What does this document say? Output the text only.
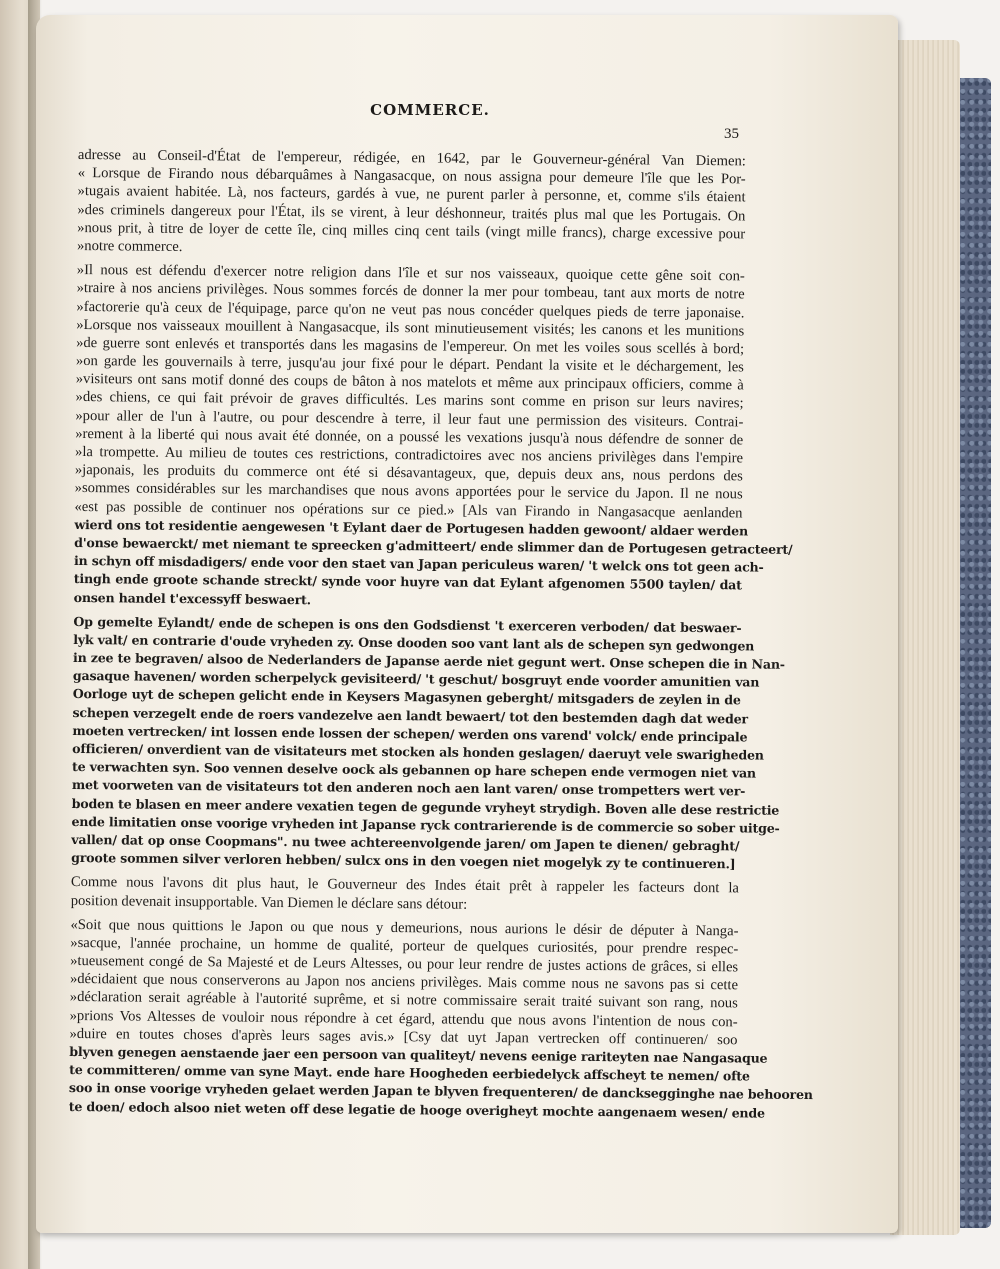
COMMERCE.
35
adresse au Conseil-d'État de l'empereur, rédigée, en 1642, par le Gouverneur-général Van Diemen:
« Lorsque de Firando nous débarquâmes à Nangasacque, on nous assigna pour demeure l'île que les Por-
»tugais avaient habitée. Là, nos facteurs, gardés à vue, ne purent parler à personne, et, comme s'ils étaient
»des criminels dangereux pour l'État, ils se virent, à leur déshonneur, traités plus mal que les Portugais. On
»nous prit, à titre de loyer de cette île, cinq milles cinq cent tails (vingt mille francs), charge excessive pour
»notre commerce.
»Il nous est défendu d'exercer notre religion dans l'île et sur nos vaisseaux, quoique cette gêne soit con-
»traire à nos anciens privilèges. Nous sommes forcés de donner la mer pour tombeau, tant aux morts de notre
»factorerie qu'à ceux de l'équipage, parce qu'on ne veut pas nous concéder quelques pieds de terre japonaise.
»Lorsque nos vaisseaux mouillent à Nangasacque, ils sont minutieusement visités; les canons et les munitions
»de guerre sont enlevés et transportés dans les magasins de l'empereur. On met les voiles sous scellés à bord;
»on garde les gouvernails à terre, jusqu'au jour fixé pour le départ. Pendant la visite et le déchargement, les
»visiteurs ont sans motif donné des coups de bâton à nos matelots et même aux principaux officiers, comme à
»des chiens, ce qui fait prévoir de graves difficultés. Les marins sont comme en prison sur leurs navires;
»pour aller de l'un à l'autre, ou pour descendre à terre, il leur faut une permission des visiteurs. Contrai-
»rement à la liberté qui nous avait été donnée, on a poussé les vexations jusqu'à nous défendre de sonner de
»la trompette. Au milieu de toutes ces restrictions, contradictoires avec nos anciens privilèges dans l'empire
»japonais, les produits du commerce ont été si désavantageux, que, depuis deux ans, nous perdons des
»sommes considérables sur les marchandises que nous avons apportées pour le service du Japon. Il ne nous
«est pas possible de continuer nos opérations sur ce pied.» [Als van Firando in Nangasacque aenlanden
wierd ons tot residentie aengewesen 't Eylant daer de Portugesen hadden gewoont/ aldaer werden
d'onse bewaerckt/ met niemant te spreecken g'admitteert/ ende slimmer dan de Portugesen getracteert/
in schyn off misdadigers/ ende voor den staet van Japan periculeus waren/ 't welck ons tot geen ach-
tingh ende groote schande streckt/ synde voor huyre van dat Eylant afgenomen 5500 taylen/ dat
onsen handel t'excessyff beswaert.
Op gemelte Eylandt/ ende de schepen is ons den Godsdienst 't exerceren verboden/ dat beswaer-
lyk valt/ en contrarie d'oude vryheden zy. Onse dooden soo vant lant als de schepen syn gedwongen
in zee te begraven/ alsoo de Nederlanders de Japanse aerde niet gegunt wert. Onse schepen die in Nan-
gasaque havenen/ worden scherpelyck gevisiteerd/ 't geschut/ bosgruyt ende voorder amunitien van
Oorloge uyt de schepen gelicht ende in Keysers Magasynen geberght/ mitsgaders de zeylen in de
schepen verzegelt ende de roers vandezelve aen landt bewaert/ tot den bestemden dagh dat weder
moeten vertrecken/ int lossen ende lossen der schepen/ werden ons varend' volck/ ende principale
officieren/ onverdient van de visitateurs met stocken als honden geslagen/ daeruyt vele swarigheden
te verwachten syn. Soo vennen deselve oock als gebannen op hare schepen ende vermogen niet van
met voorweten van de visitateurs tot den anderen noch aen lant varen/ onse trompetters wert ver-
boden te blasen en meer andere vexatien tegen de gegunde vryheyt strydigh. Boven alle dese restrictie
ende limitatien onse voorige vryheden int Japanse ryck contrarierende is de commercie so sober uitge-
vallen/ dat op onse Coopmans". nu twee achtereenvolgende jaren/ om Japen te dienen/ gebraght/
groote sommen silver verloren hebben/ sulcx ons in den voegen niet mogelyk zy te continueren.]
Comme nous l'avons dit plus haut, le Gouverneur des Indes était prêt à rappeler les facteurs dont la
position devenait insupportable. Van Diemen le déclare sans détour:
«Soit que nous quittions le Japon ou que nous y demeurions, nous aurions le désir de députer à Nanga-
»sacque, l'année prochaine, un homme de qualité, porteur de quelques curiosités, pour prendre respec-
»tueusement congé de Sa Majesté et de Leurs Altesses, ou pour leur rendre de justes actions de grâces, si elles
»décidaient que nous conserverons au Japon nos anciens privilèges. Mais comme nous ne savons pas si cette
»déclaration serait agréable à l'autorité suprême, et si notre commissaire serait traité suivant son rang, nous
»prions Vos Altesses de vouloir nous répondre à cet égard, attendu que nous avons l'intention de nous con-
»duire en toutes choses d'après leurs sages avis.» [Csy dat uyt Japan vertrecken off continueren/ soo
blyven genegen aenstaende jaer een persoon van qualiteyt/ nevens eenige rariteyten nae Nangasaque
te committeren/ omme van syne Mayt. ende hare Hoogheden eerbiedelyck affscheyt te nemen/ ofte
soo in onse voorige vryheden gelaet werden Japan te blyven frequenteren/ de dancksegginghe nae behooren
te doen/ edoch alsoo niet weten off dese legatie de hooge overigheyt mochte aangenaem wesen/ ende
